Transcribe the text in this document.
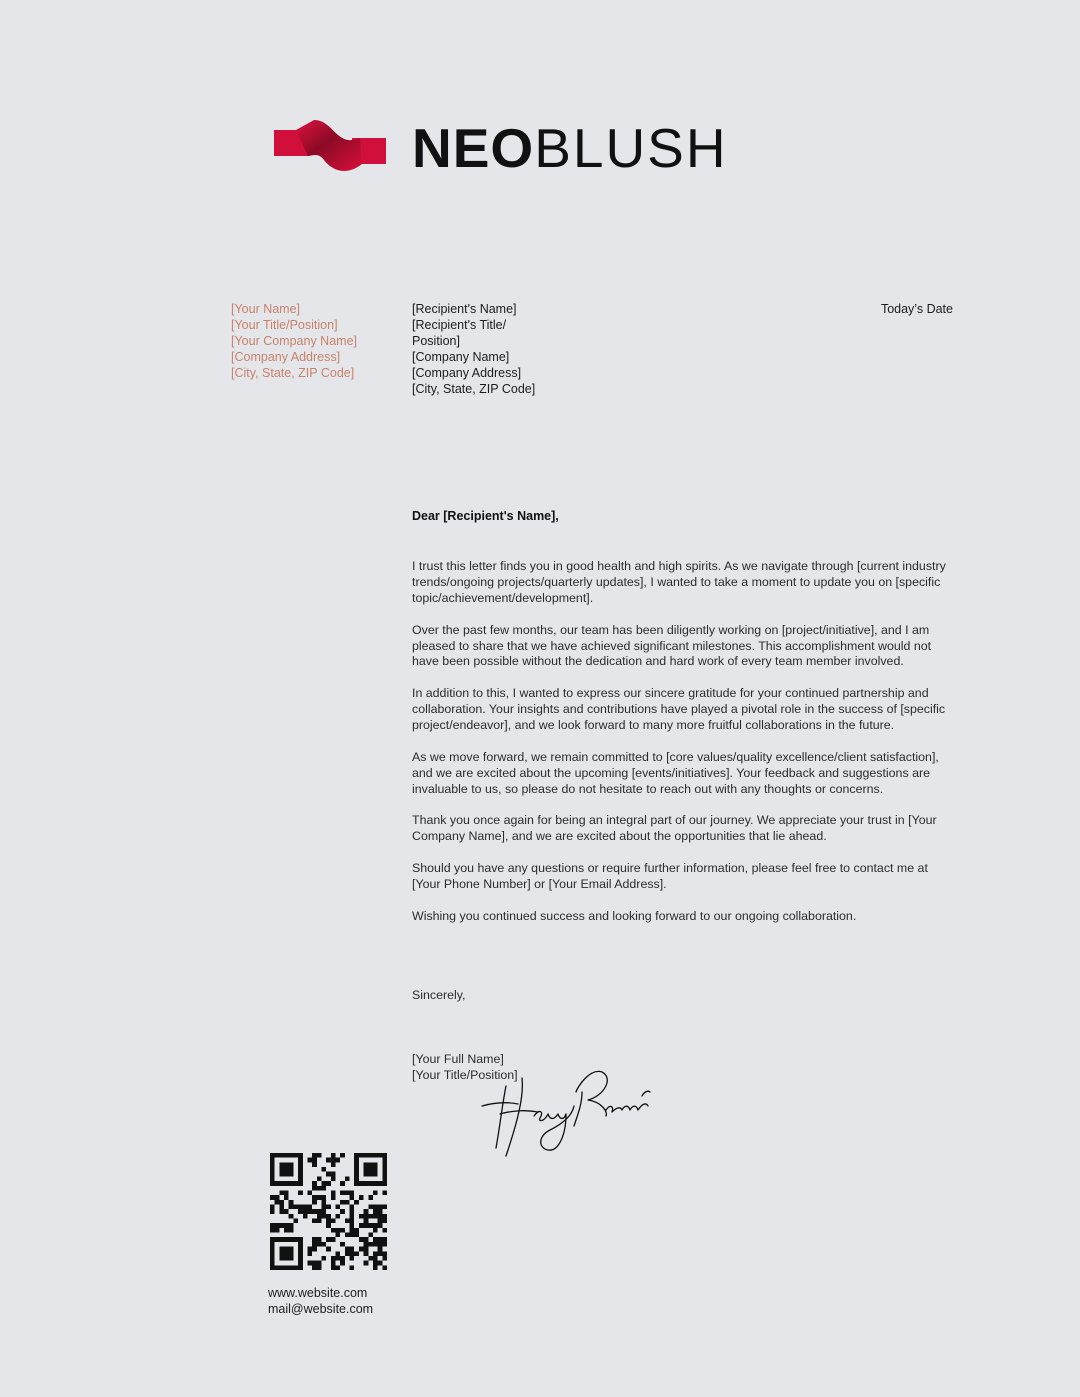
NEOBLUSH
[Your Name]
[Your Title/Position]
[Your Company Name]
[Company Address]
[City, State, ZIP Code]
[Recipient's Name]
[Recipient's Title/
Position]
[Company Name]
[Company Address]
[City, State, ZIP Code]
Today’s Date
Dear [Recipient's Name],

I trust this letter finds you in good health and high spirits. As we navigate through [current industry trends/ongoing projects/quarterly updates], I wanted to take a moment to update you on [specific topic/achievement/development].

Over the past few months, our team has been diligently working on [project/initiative], and I am pleased to share that we have achieved significant milestones. This accomplishment would not have been possible without the dedication and hard work of every team member involved.

In addition to this, I wanted to express our sincere gratitude for your continued partnership and collaboration. Your insights and contributions have played a pivotal role in the success of [specific project/endeavor], and we look forward to many more fruitful collaborations in the future.

As we move forward, we remain committed to [core values/quality excellence/client satisfaction], and we are excited about the upcoming [events/initiatives]. Your feedback and suggestions are invaluable to us, so please do not hesitate to reach out with any thoughts or concerns.

Thank you once again for being an integral part of our journey. We appreciate your trust in [Your Company Name], and we are excited about the opportunities that lie ahead.

Should you have any questions or require further information, please feel free to contact me at [Your Phone Number] or [Your Email Address].

Wishing you continued success and looking forward to our ongoing collaboration.

Sincerely,
[Your Full Name]
[Your Title/Position]
www.website.com
mail@website.com
